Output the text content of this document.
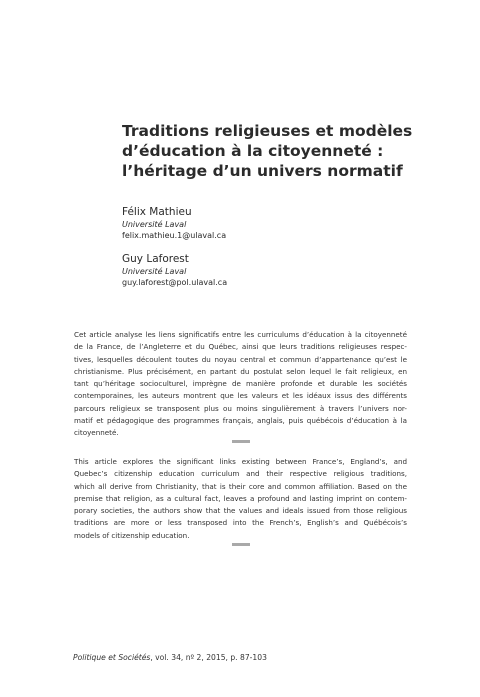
Traditions religieuses et modèles
d’éducation à la citoyenneté :
l’héritage d’un univers normatif
Félix Mathieu
Université Laval
felix.mathieu.1@ulaval.ca
Guy Laforest
Université Laval
guy.laforest@pol.ulaval.ca
Cet article analyse les liens significatifs entre les curriculums d’éducation à la citoyenneté
de la France, de l’Angleterre et du Québec, ainsi que leurs traditions religieuses respec-
tives, lesquelles découlent toutes du noyau central et commun d’appartenance qu’est le
christianisme. Plus précisément, en partant du postulat selon lequel le fait religieux, en
tant qu’héritage socioculturel, imprègne de manière profonde et durable les sociétés
contemporaines, les auteurs montrent que les valeurs et les idéaux issus des différents
parcours religieux se transposent plus ou moins singulièrement à travers l’univers nor-
matif et pédagogique des programmes français, anglais, puis québécois d’éducation à la
citoyenneté.
This article explores the significant links existing between France’s, England’s, and
Quebec’s citizenship education curriculum and their respective religious traditions,
which all derive from Christianity, that is their core and common affiliation. Based on the
premise that religion, as a cultural fact, leaves a profound and lasting imprint on contem-
porary societies, the authors show that the values and ideals issued from those religious
traditions are more or less transposed into the French’s, English’s and Québécois’s
models of citizenship education.
Politique et Sociétés, vol. 34, nº 2, 2015, p. 87-103
